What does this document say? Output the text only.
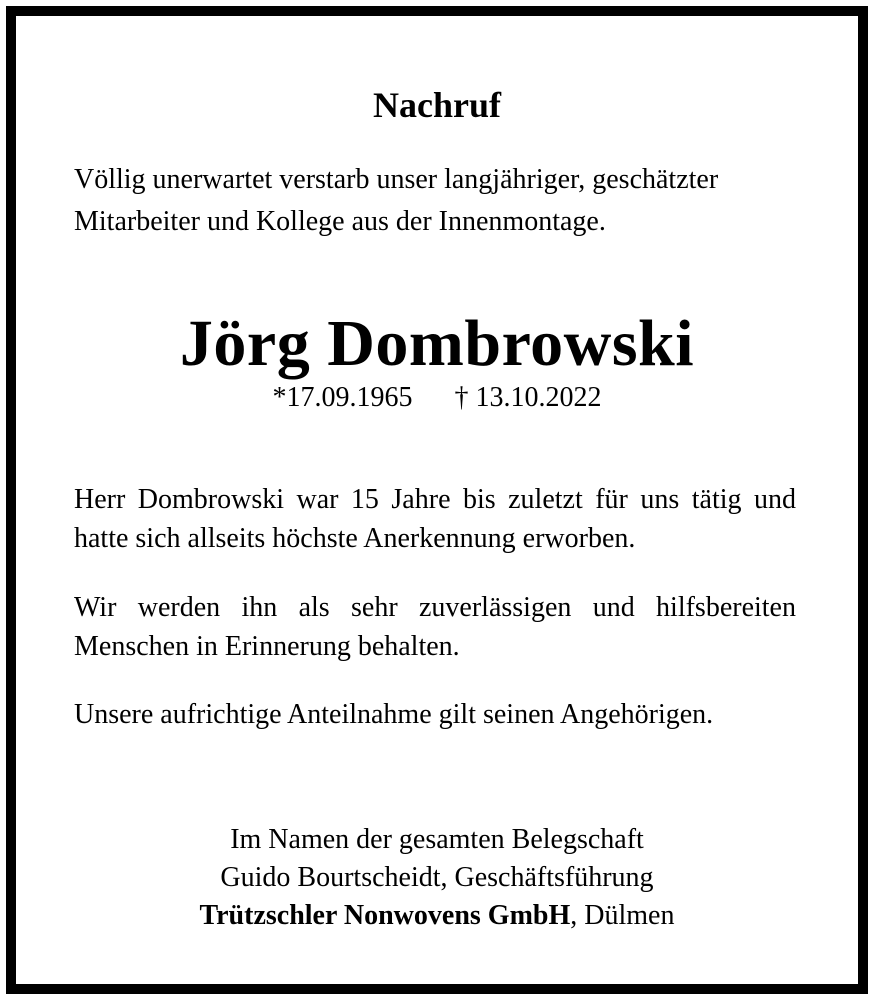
Nachruf
Völlig unerwartet verstarb unser langjähriger, geschätzter Mitarbeiter und Kollege aus der Innenmontage.
Jörg Dombrowski
*17.09.1965 † 13.10.2022
Herr Dombrowski war 15 Jahre bis zuletzt für uns tätig und hatte sich allseits höchste Anerkennung erworben.
Wir werden ihn als sehr zuverlässigen und hilfsbereiten Menschen in Erinnerung behalten.
Unsere aufrichtige Anteilnahme gilt seinen Angehörigen.
Im Namen der gesamten Belegschaft
Guido Bourtscheidt, Geschäftsführung
Trützschler Nonwovens GmbH, Dülmen
